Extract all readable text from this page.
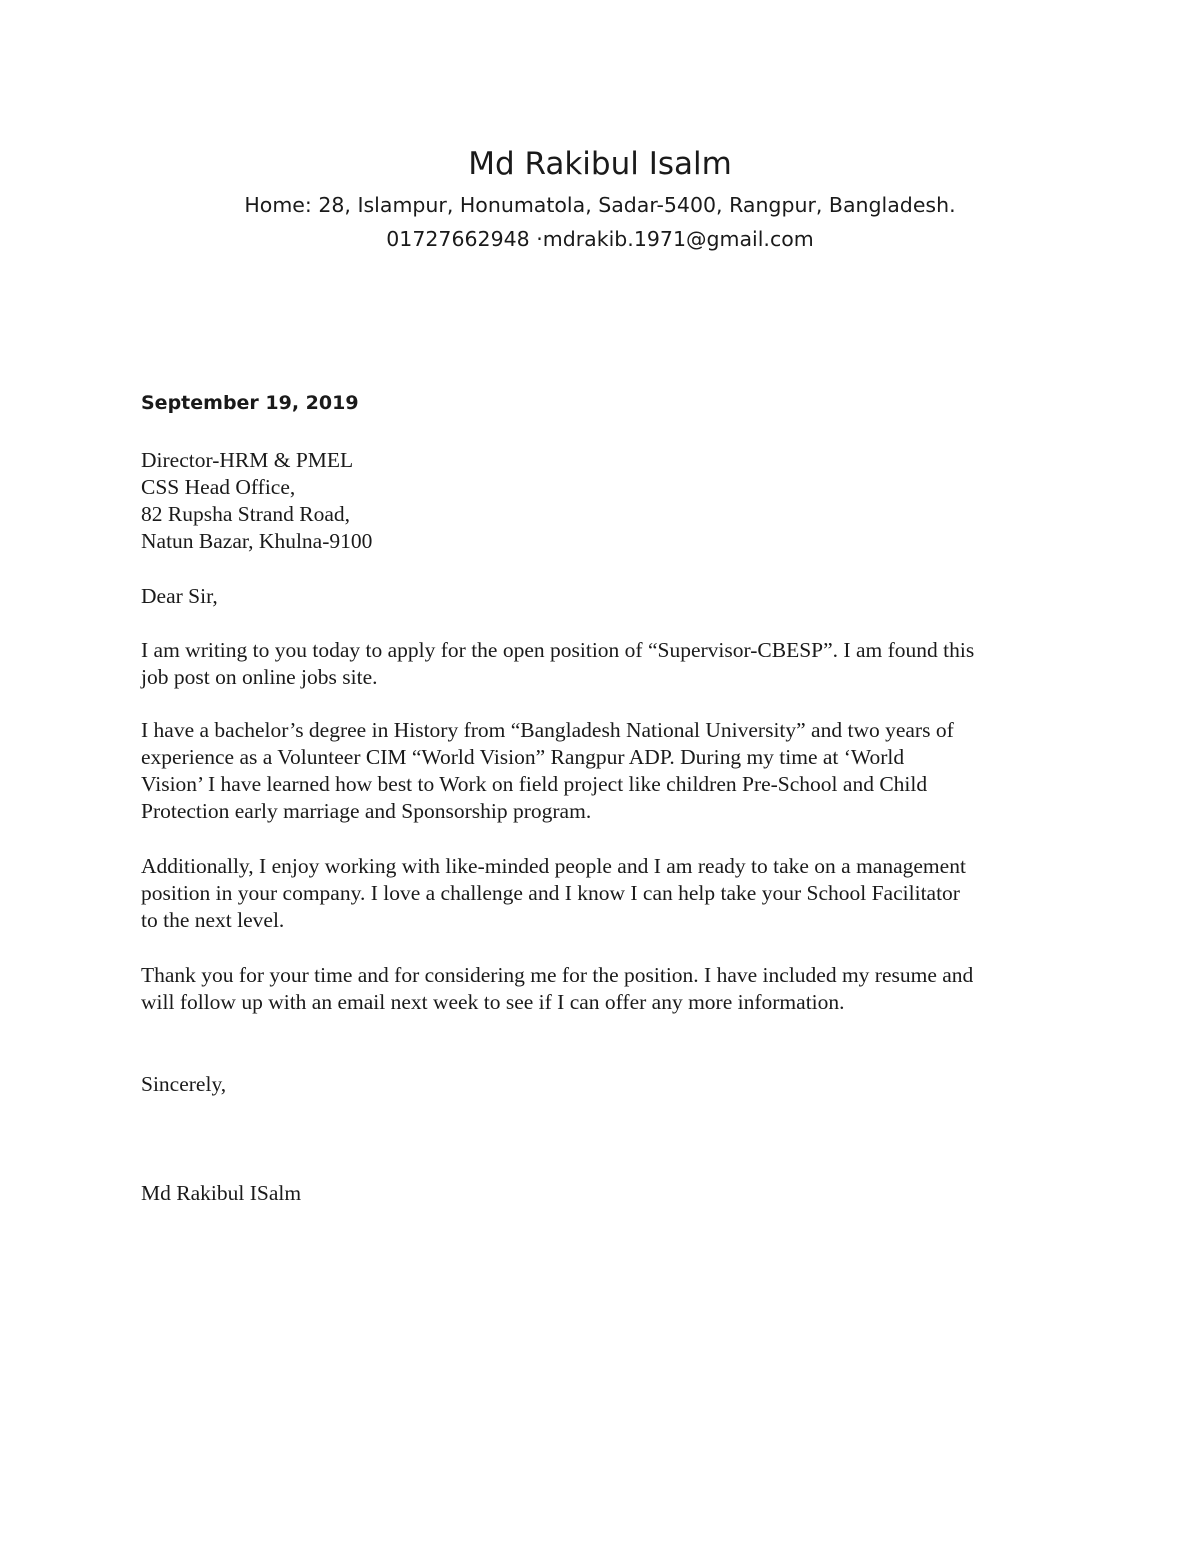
Md Rakibul Isalm
Home: 28, Islampur, Honumatola, Sadar-5400, Rangpur, Bangladesh.
01727662948 ·mdrakib.1971@gmail.com
September 19, 2019
Director-HRM & PMEL
CSS Head Office,
82 Rupsha Strand Road,
Natun Bazar, Khulna-9100
Dear Sir,
I am writing to you today to apply for the open position of “Supervisor-CBESP”. I am found this
job post on online jobs site.
I have a bachelor’s degree in History from “Bangladesh National University” and two years of
experience as a Volunteer CIM “World Vision” Rangpur ADP. During my time at ‘World
Vision’ I have learned how best to Work on field project like children Pre-School and Child
Protection early marriage and Sponsorship program.
Additionally, I enjoy working with like-minded people and I am ready to take on a management
position in your company. I love a challenge and I know I can help take your School Facilitator
to the next level.
Thank you for your time and for considering me for the position. I have included my resume and
will follow up with an email next week to see if I can offer any more information.
Sincerely,
Md Rakibul ISalm
